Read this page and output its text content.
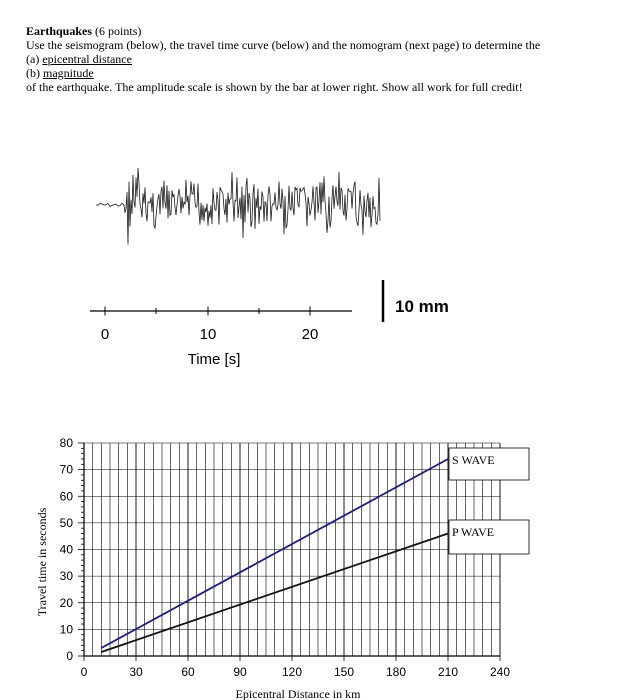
Earthquakes (6 points)
Use the seismogram (below), the travel time curve (below) and the nomogram (next page) to determine the
(a) epicentral distance
(b) magnitude
of the earthquake. The amplitude scale is shown by the bar at lower right. Show all work for full credit!
10 mm
0	10	20
Time [s]
0	30	60	90	120	150	180	210	240
0
10
20
30
40
50
60
70
80
S WAVE
P WAVE
Epicentral Distance in km
Travel time in seconds
